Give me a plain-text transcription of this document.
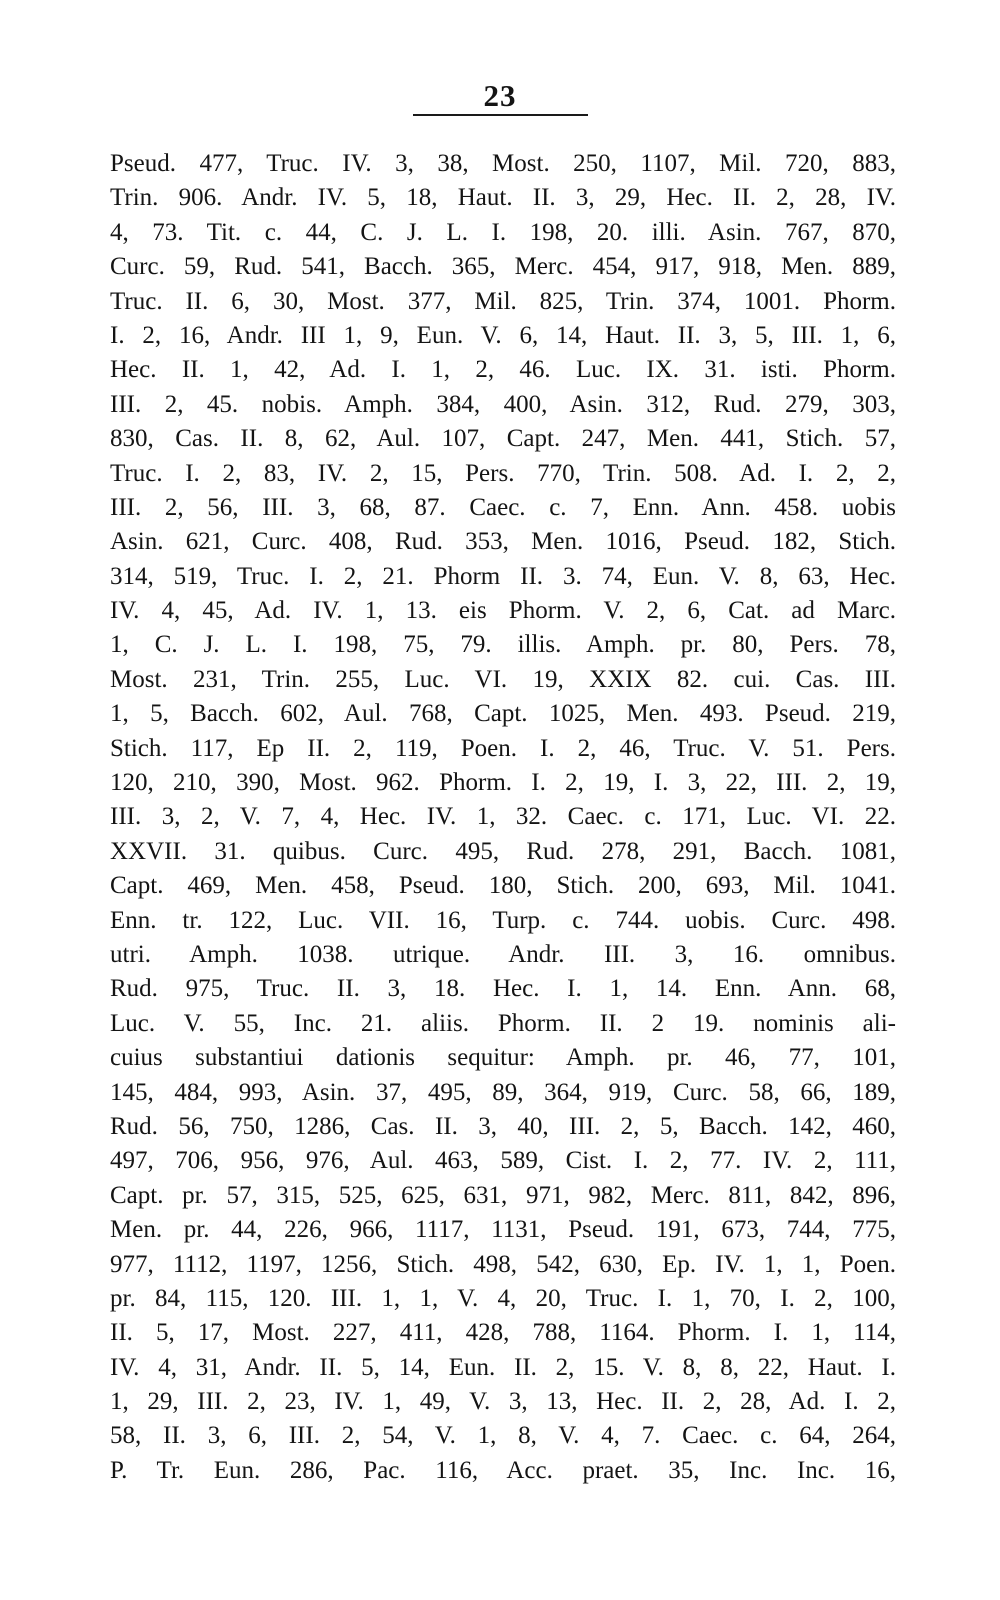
23
Pseud. 477, Truc. IV. 3, 38, Most. 250, 1107, Mil. 720, 883,
Trin. 906. Andr. IV. 5, 18, Haut. II. 3, 29, Hec. II. 2, 28, IV.
4, 73. Tit. c. 44, C. J. L. I. 198, 20. illi. Asin. 767, 870,
Curc. 59, Rud. 541, Bacch. 365, Merc. 454, 917, 918, Men. 889,
Truc. II. 6, 30, Most. 377, Mil. 825, Trin. 374, 1001. Phorm.
I. 2, 16, Andr. III 1, 9, Eun. V. 6, 14, Haut. II. 3, 5, III. 1, 6,
Hec. II. 1, 42, Ad. I. 1, 2, 46. Luc. IX. 31. isti. Phorm.
III. 2, 45. nobis. Amph. 384, 400, Asin. 312, Rud. 279, 303,
830, Cas. II. 8, 62, Aul. 107, Capt. 247, Men. 441, Stich. 57,
Truc. I. 2, 83, IV. 2, 15, Pers. 770, Trin. 508. Ad. I. 2, 2,
III. 2, 56, III. 3, 68, 87. Caec. c. 7, Enn. Ann. 458. uobis
Asin. 621, Curc. 408, Rud. 353, Men. 1016, Pseud. 182, Stich.
314, 519, Truc. I. 2, 21. Phorm II. 3. 74, Eun. V. 8, 63, Hec.
IV. 4, 45, Ad. IV. 1, 13. eis Phorm. V. 2, 6, Cat. ad Marc.
1, C. J. L. I. 198, 75, 79. illis. Amph. pr. 80, Pers. 78,
Most. 231, Trin. 255, Luc. VI. 19, XXIX 82. cui. Cas. III.
1, 5, Bacch. 602, Aul. 768, Capt. 1025, Men. 493. Pseud. 219,
Stich. 117, Ep II. 2, 119, Poen. I. 2, 46, Truc. V. 51. Pers.
120, 210, 390, Most. 962. Phorm. I. 2, 19, I. 3, 22, III. 2, 19,
III. 3, 2, V. 7, 4, Hec. IV. 1, 32. Caec. c. 171, Luc. VI. 22.
XXVII. 31. quibus. Curc. 495, Rud. 278, 291, Bacch. 1081,
Capt. 469, Men. 458, Pseud. 180, Stich. 200, 693, Mil. 1041.
Enn. tr. 122, Luc. VII. 16, Turp. c. 744. uobis. Curc. 498.
utri. Amph. 1038. utrique. Andr. III. 3, 16. omnibus.
Rud. 975, Truc. II. 3, 18. Hec. I. 1, 14. Enn. Ann. 68,
Luc. V. 55, Inc. 21. aliis. Phorm. II. 2 19. nominis ali-
cuius substantiui dationis sequitur: Amph. pr. 46, 77, 101,
145, 484, 993, Asin. 37, 495, 89, 364, 919, Curc. 58, 66, 189,
Rud. 56, 750, 1286, Cas. II. 3, 40, III. 2, 5, Bacch. 142, 460,
497, 706, 956, 976, Aul. 463, 589, Cist. I. 2, 77. IV. 2, 111,
Capt. pr. 57, 315, 525, 625, 631, 971, 982, Merc. 811, 842, 896,
Men. pr. 44, 226, 966, 1117, 1131, Pseud. 191, 673, 744, 775,
977, 1112, 1197, 1256, Stich. 498, 542, 630, Ep. IV. 1, 1, Poen.
pr. 84, 115, 120. III. 1, 1, V. 4, 20, Truc. I. 1, 70, I. 2, 100,
II. 5, 17, Most. 227, 411, 428, 788, 1164. Phorm. I. 1, 114,
IV. 4, 31, Andr. II. 5, 14, Eun. II. 2, 15. V. 8, 8, 22, Haut. I.
1, 29, III. 2, 23, IV. 1, 49, V. 3, 13, Hec. II. 2, 28, Ad. I. 2,
58, II. 3, 6, III. 2, 54, V. 1, 8, V. 4, 7. Caec. c. 64, 264,
P. Tr. Eun. 286, Pac. 116, Acc. praet. 35, Inc. Inc. 16,
